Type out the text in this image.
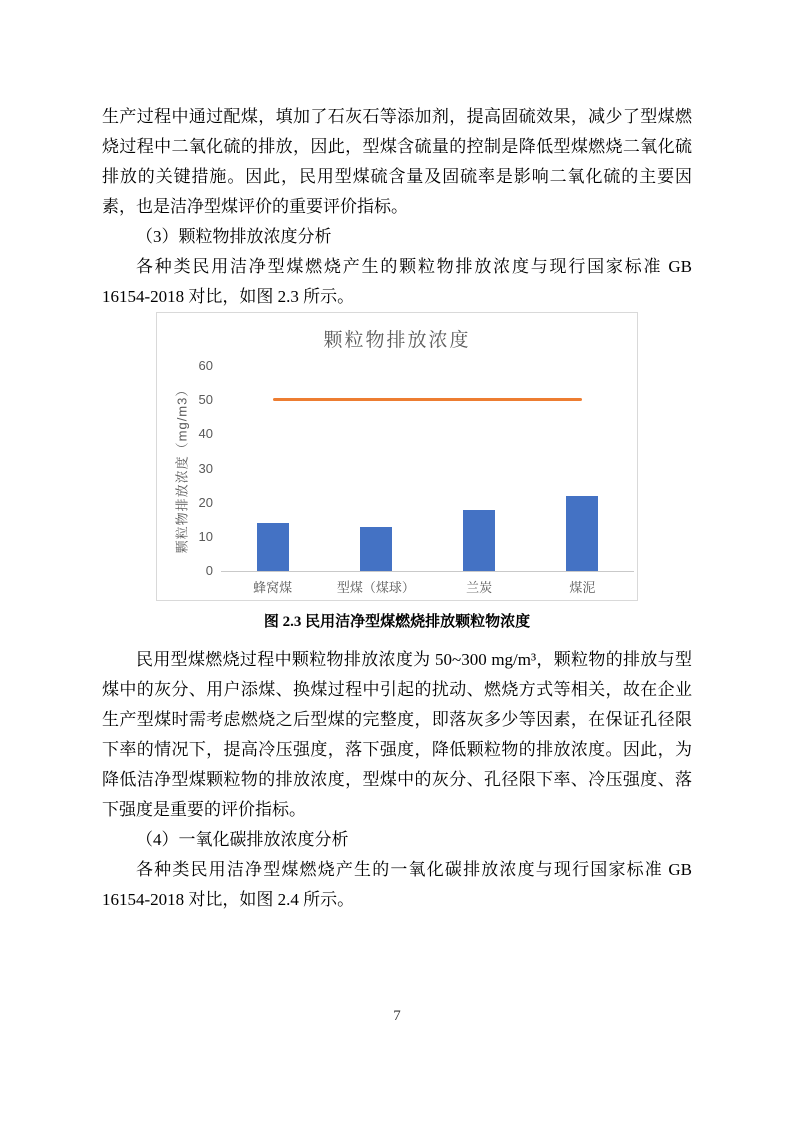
生产过程中通过配煤，填加了石灰石等添加剂，提高固硫效果，减少了型煤燃烧过程中二氧化硫的排放，因此，型煤含硫量的控制是降低型煤燃烧二氧化硫排放的关键措施。因此，民用型煤硫含量及固硫率是影响二氧化硫的主要因素，也是洁净型煤评价的重要评价指标。

（3）颗粒物排放浓度分析

各种类民用洁净型煤燃烧产生的颗粒物排放浓度与现行国家标准 GB 16154-2018 对比，如图 2.3 所示。

颗粒物排放浓度
颗粒物排放浓度（mg/m3）
0
10
20
30
40
50
60
蜂窝煤	型煤（煤球）	兰炭	煤泥

图 2.3 民用洁净型煤燃烧排放颗粒物浓度

民用型煤燃烧过程中颗粒物排放浓度为 50~300 mg/m³，颗粒物的排放与型煤中的灰分、用户添煤、换煤过程中引起的扰动、燃烧方式等相关，故在企业生产型煤时需考虑燃烧之后型煤的完整度，即落灰多少等因素，在保证孔径限下率的情况下，提高冷压强度，落下强度，降低颗粒物的排放浓度。因此，为降低洁净型煤颗粒物的排放浓度，型煤中的灰分、孔径限下率、冷压强度、落下强度是重要的评价指标。

（4）一氧化碳排放浓度分析

各种类民用洁净型煤燃烧产生的一氧化碳排放浓度与现行国家标准 GB 16154-2018 对比，如图 2.4 所示。

7
